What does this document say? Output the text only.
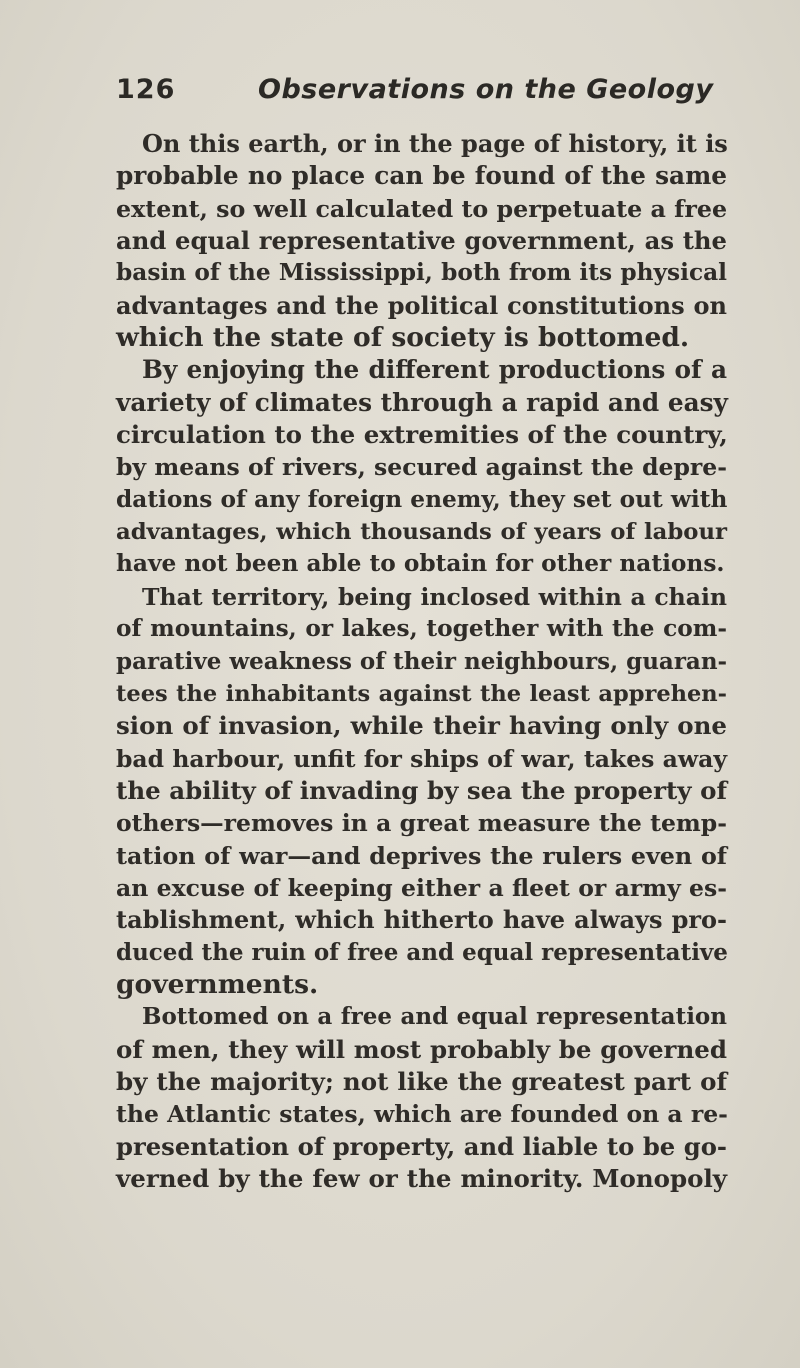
126	Observations on the Geology
On this earth, or in the page of history, it is
probable no place can be found of the same
extent, so well calculated to perpetuate a free
and equal representative government, as the
basin of the Mississippi, both from its physical
advantages and the political constitutions on
which the state of society is bottomed.
By enjoying the different productions of a
variety of climates through a rapid and easy
circulation to the extremities of the country,
by means of rivers, secured against the depre-
dations of any foreign enemy, they set out with
advantages, which thousands of years of labour
have not been able to obtain for other nations.
That territory, being inclosed within a chain
of mountains, or lakes, together with the com-
parative weakness of their neighbours, guaran-
tees the inhabitants against the least apprehen-
sion of invasion, while their having only one
bad harbour, unfit for ships of war, takes away
the ability of invading by sea the property of
others—removes in a great measure the temp-
tation of war—and deprives the rulers even of
an excuse of keeping either a fleet or army es-
tablishment, which hitherto have always pro-
duced the ruin of free and equal representative
governments.
Bottomed on a free and equal representation
of men, they will most probably be governed
by the majority; not like the greatest part of
the Atlantic states, which are founded on a re-
presentation of property, and liable to be go-
verned by the few or the minority. Monopoly
